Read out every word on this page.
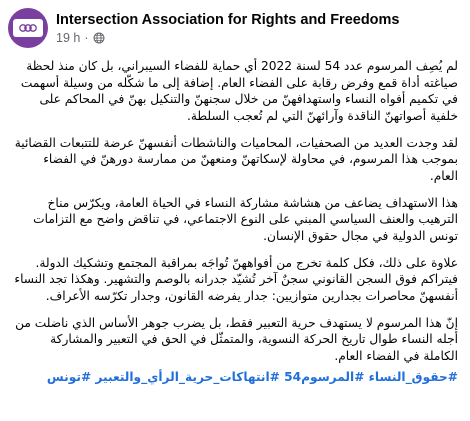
Intersection Association for Rights and Freedoms
19 h ·

لم يُصِف المرسوم عدد 54 لسنة 2022 أي حماية للفضاء السيبراني، بل كان منذ لحظة صياغته أداة قمع وفرض رقابة على الفضاء العام. إضافة إلى ما شكّله من وسيلة أسهمت في تكميم أفواه النساء واستهدافهنّ من خلال سجنهنّ والتنكيل بهنّ في المحاكم على خلفية أصواتهنّ الناقدة وآرائهنّ التي لم تُعجب السلطة.

لقد وجدت العديد من الصحفيات، المحاميات والناشطات أنفسهنّ عرضة للتتبعات القضائية بموجب هذا المرسوم، في محاولة لإسكاتهنّ ومنعهنّ من ممارسة دورهنّ في الفضاء العام.

هذا الاستهداف يضاعف من هشاشة مشاركة النساء في الحياة العامة، ويكرّس مناخ الترهيب والعنف السياسي المبني على النوع الاجتماعي، في تناقض واضح مع التزامات تونس الدولية في مجال حقوق الإنسان.

علاوة على ذلك، فكل كلمة تخرج من أفواههنّ تُواجَه بمراقبة المجتمع وتشكيك الدولة. فيتراكم فوق السجن القانوني سجنٌ آخر تُشيّد جدرانه بالوصم والتشهير. وهكذا تجد النساء أنفسهنّ محاصرات بجدارين متوازيين: جدار يفرضه القانون، وجدار تكرّسه الأعراف.

إنّ هذا المرسوم لا يستهدف حرية التعبير فقط، بل يضرب جوهر الأساس الذي ناضلت من أجله النساء طوال تاريخ الحركة النسوية، والمتمثّل في الحق في التعبير والمشاركة الكاملة في الفضاء العام.

#حقوق_النساء #المرسوم54 #انتهاكات_حرية_الرأي_والتعبير #تونس
